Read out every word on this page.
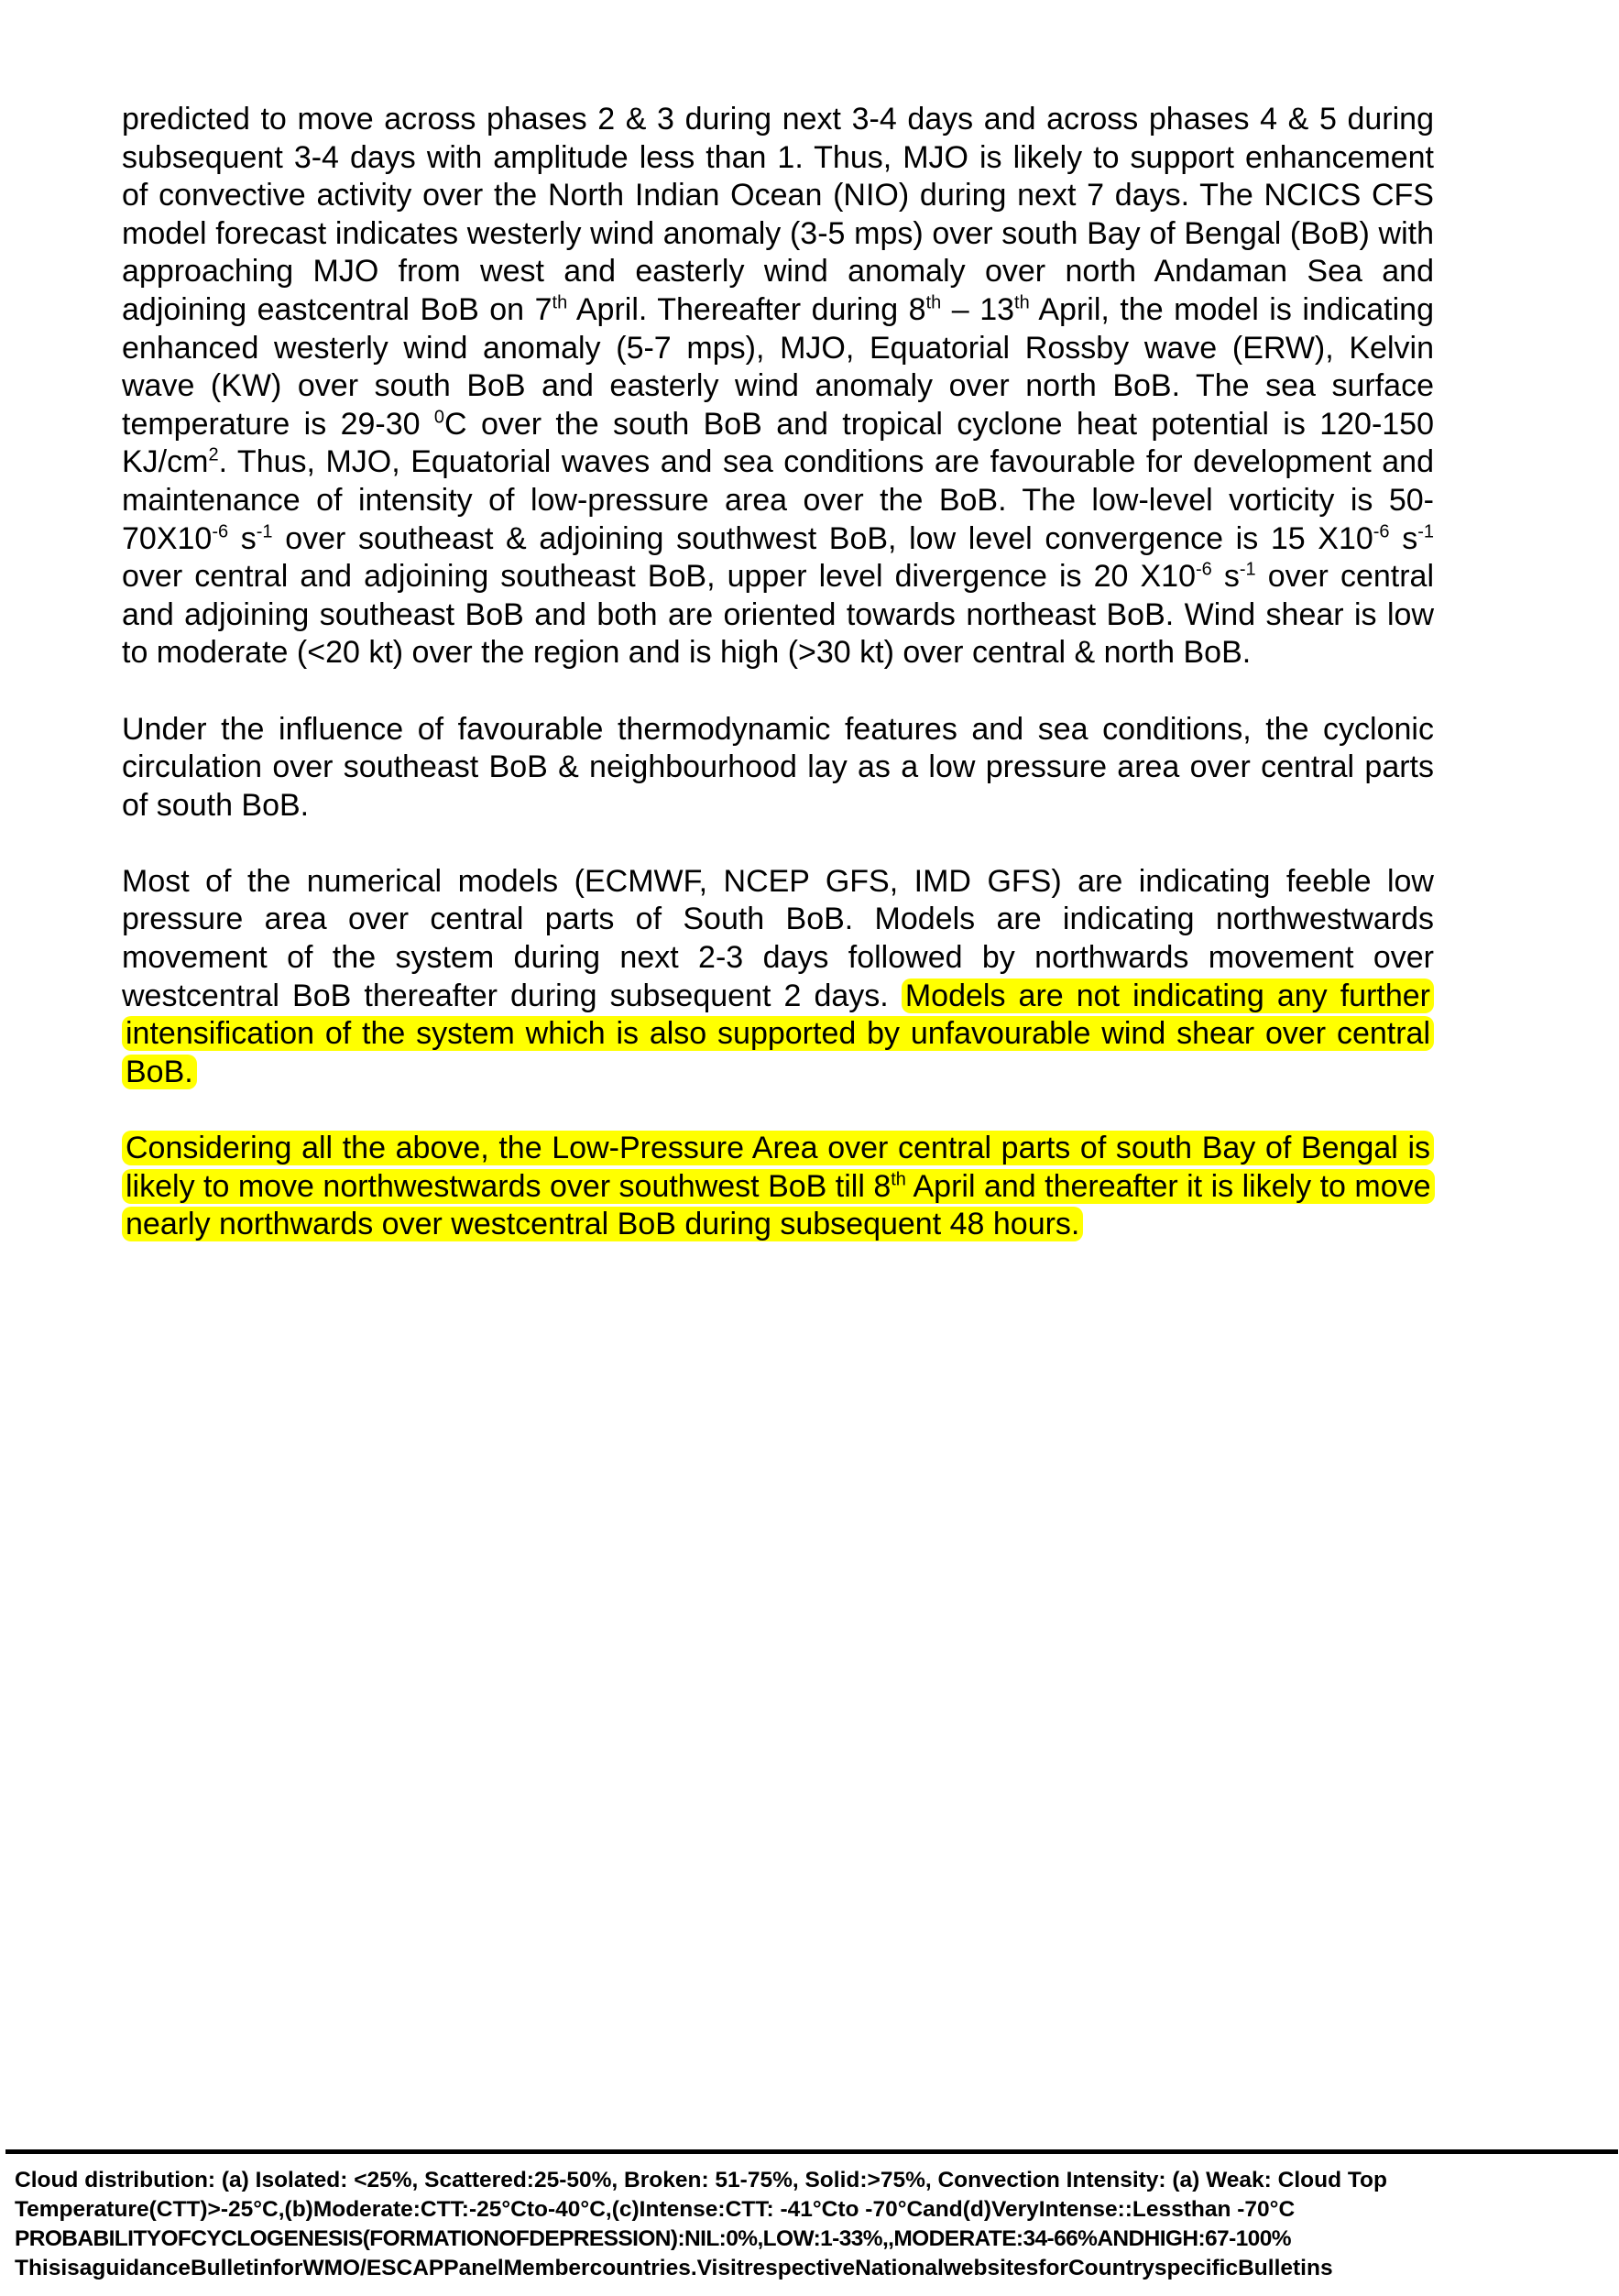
predicted to move across phases 2 & 3 during next 3-4 days and across phases 4 & 5 during subsequent 3-4 days with amplitude less than 1. Thus, MJO is likely to support enhancement of convective activity over the North Indian Ocean (NIO) during next 7 days. The NCICS CFS model forecast indicates westerly wind anomaly (3-5 mps) over south Bay of Bengal (BoB) with approaching MJO from west and easterly wind anomaly over north Andaman Sea and adjoining eastcentral BoB on 7th April. Thereafter during 8th – 13th April, the model is indicating enhanced westerly wind anomaly (5-7 mps), MJO, Equatorial Rossby wave (ERW), Kelvin wave (KW) over south BoB and easterly wind anomaly over north BoB. The sea surface temperature is 29-30 $^0$C over the south BoB and tropical cyclone heat potential is 120-150 $KJ/cm^2$. Thus, MJO, Equatorial waves and sea conditions are favourable for development and maintenance of intensity of low-pressure area over the BoB. The low-level vorticity is $50-70X10^{-6}$ $s^{-1}$ over southeast & adjoining southwest BoB, low level convergence is 15 $X10^{-6}$ $s^{-1}$ over central and adjoining southeast BoB, upper level divergence is 20 $X10^{-6}$ $s^{-1}$ over central and adjoining southeast BoB and both are oriented towards northeast BoB. Wind shear is low to moderate (<20 kt) over the region and is high (>30 kt) over central & north BoB.

Under the influence of favourable thermodynamic features and sea conditions, the cyclonic circulation over southeast BoB & neighbourhood lay as a low pressure area over central parts of south BoB.

Most of the numerical models (ECMWF, NCEP GFS, IMD GFS) are indicating feeble low pressure area over central parts of South BoB. Models are indicating northwestwards movement of the system during next 2-3 days followed by northwards movement over westcentral BoB thereafter during subsequent 2 days. Models are not indicating any further intensification of the system which is also supported by unfavourable wind shear over central BoB.

Considering all the above, the Low-Pressure Area over central parts of south Bay of Bengal is likely to move northwestwards over southwest BoB till 8th April and thereafter it is likely to move nearly northwards over westcentral BoB during subsequent 48 hours.

Cloud distribution: (a) Isolated: <25%, Scattered:25-50%, Broken: 51-75%, Solid:>75%, Convection Intensity: (a) Weak: Cloud Top
Temperature(CTT)>-25°C,(b)Moderate:CTT:-25°Cto-40°C,(c)Intense:CTT: -41°Cto -70°Cand(d)VeryIntense::Lessthan -70°C
PROBABILITYOFCYCLOGENESIS(FORMATIONOFDEPRESSION):NIL:0%,LOW:1-33%,,MODERATE:34-66%ANDHIGH:67-100%
ThisisaguidanceBulletinforWMO/ESCAPPanelMembercountries.VisitrespectiveNationalwebsitesforCountryspecificBulletins
